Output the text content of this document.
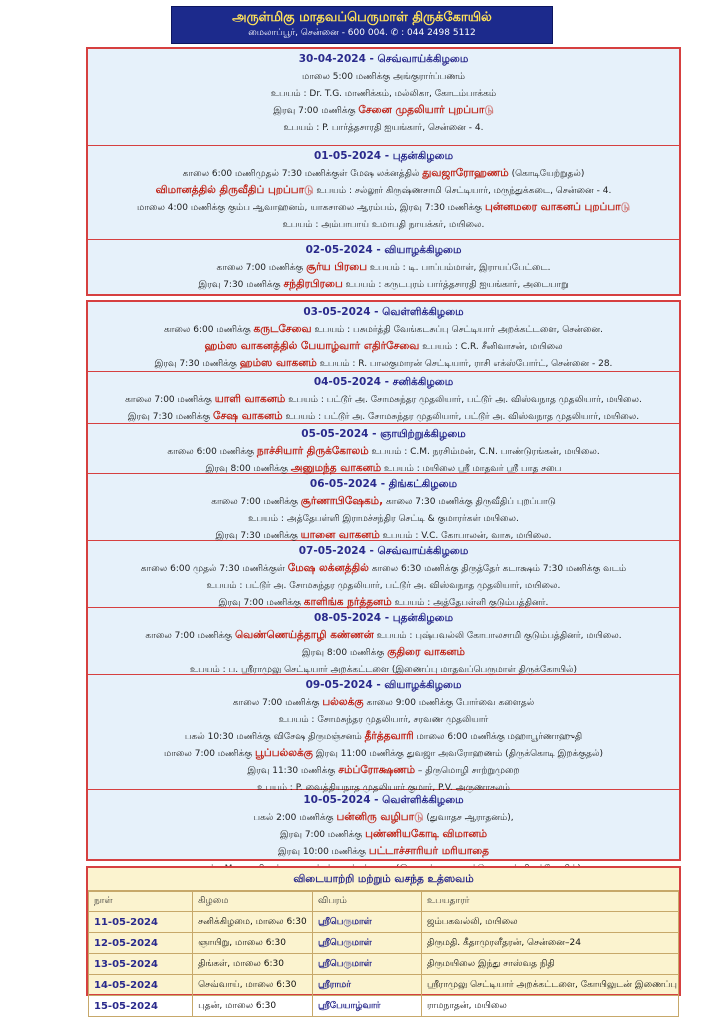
அருள்மிகு மாதவப்பெருமாள் திருக்கோயில்
மைலாப்பூர், சென்னை - 600 004. ✆ : 044 2498 5112
30-04-2024 - செவ்வாய்க்கிழமை
மாலை 5:00 மணிக்கு அங்குரார்ப்பணம்
உபயம் : Dr. T.G. மாணிக்கம், மல்லிகா, கோடம்பாக்கம்
இரவு 7:00 மணிக்கு சேனை முதலியார் புறப்பாடு
உபயம் : P. பார்த்தசாரதி ஐயங்கார், சென்னை - 4.
01-05-2024 - புதன்கிழமை
காலை 6:00 மணிமுதல் 7:30 மணிக்குள் மேஷ லக்னத்தில் துவஜாரோஹணம் (கொடியேற்றுதல்)
விமானத்தில் திருவீதிப் புறப்பாடு உபயம் : சல்லூர் கிருஷ்ணசாமி செட்டியார், மருந்துக்கடை, சென்னை - 4.
மாலை 4:00 மணிக்கு கும்ப ஆவாஹனம், யாகசாலை ஆரம்பம், இரவு 7:30 மணிக்கு புன்னமரை வாகனப் புறப்பாடு
உபயம் : அம்பாபாய் உமாபதி நாயக்கர், மயிலை.
02-05-2024 - வியாழக்கிழமை
காலை 7:00 மணிக்கு சூர்ய பிரபை உபயம் : டி. பாப்பம்மாள், இராயப்பேட்டை.
இரவு 7:30 மணிக்கு சந்திரபிரபை உபயம் : கருடபுரம் பார்த்தசாரதி ஐயங்கார், அடையாறு
03-05-2024 - வெள்ளிக்கிழமை
காலை 6:00 மணிக்கு கருடசேவை உபயம் : பசுமர்த்தி வேங்கடசுப்பு செட்டியார் அறக்கட்டளை, சென்னை.
ஹம்ஸ வாகனத்தில் பேயாழ்வார் எதிர்சேவை உபயம் : C.R. சீனிவாசன், மயிலை
இரவு 7:30 மணிக்கு ஹம்ஸ வாகனம் உபயம் : R. பாலகுமாரன் செட்டியார், ராசி எக்ஸ்போர்ட், சென்னை - 28.
04-05-2024 - சனிக்கிழமை
காலை 7:00 மணிக்கு யாளி வாகனம் உபயம் : பட்டூர் அ. சோமசுந்தர முதலியார், பட்டூர் அ. விஸ்வநாத முதலியார், மயிலை.
இரவு 7:30 மணிக்கு சேஷ வாகனம் உபயம் : பட்டூர் அ. சோமசுந்தர முதலியார், பட்டூர் அ. விஸ்வநாத முதலியார், மயிலை.
05-05-2024 - ஞாயிற்றுக்கிழமை
காலை 6:00 மணிக்கு நாச்சியார் திருக்கோலம் உபயம் : C.M. நரசிம்மன், C.N. பாண்டுரங்கன், மயிலை.
இரவு 8:00 மணிக்கு அனுமந்த வாகனம் உபயம் : மயிலை ஸ்ரீ மாதவர் ஸ்ரீ பாத சபை
06-05-2024 - திங்கட்கிழமை
காலை 7:00 மணிக்கு சூர்ணாபிஷேகம், காலை 7:30 மணிக்கு திருவீதிப் புறப்பாடு
உபயம் : அத்தேபள்ளி இராமச்சந்திர செட்டி & குமாரர்கள் மயிலை.
இரவு 7:30 மணிக்கு யானை வாகனம் உபயம் : V.C. கோபாலன், வாசு, மயிலை.
07-05-2024 - செவ்வாய்க்கிழமை
காலை 6:00 முதல் 7:30 மணிக்குள் மேஷ லக்னத்தில் காலை 6:30 மணிக்கு திருத்தேர் கடாக்ஷம் 7:30 மணிக்கு வடம்
உபயம் : பட்டூர் அ. சோமசுந்தர முதலியார், பட்டூர் அ. விஸ்வநாத முதலியார், மயிலை.
இரவு 7:00 மணிக்கு காளிங்க நர்த்தனம் உபயம் : அத்தேபள்ளி குடும்பத்தினர்.
08-05-2024 - புதன்கிழமை
காலை 7:00 மணிக்கு வெண்ணெய்த்தாழி கண்ணன் உபயம் : புஷ்பவல்லி கோபாலசாமி குடும்பத்தினர், மயிலை.
இரவு 8:00 மணிக்கு குதிரை வாகனம்
உபயம் : ப. ஸ்ரீராமுலு செட்டியார் அறக்கட்டளை (இணைப்பு மாதவப்பெருமாள் திருக்கோயில்)
09-05-2024 - வியாழக்கிழமை
காலை 7:00 மணிக்கு பல்லக்கு காலை 9:00 மணிக்கு போர்வை களைதல்
உபயம் : சோமசுந்தர முதலியார், சரவண முதலியார்
பகல் 10:30 மணிக்கு விசேஷ திருமஞ்சனம் தீர்த்தவாரி மாலை 6:00 மணிக்கு மஹாபூர்ணாஹுதி
மாலை 7:00 மணிக்கு பூப்பல்லக்கு இரவு 11:00 மணிக்கு துவஜா அவரோஹணம் (திருக்கொடி இறக்குதல்)
இரவு 11:30 மணிக்கு சம்ப்ரோக்ஷணம் – திருமொழி சாற்றுமுறை
உபயம் : P. வைத்தியநாத முதலியார் குமார், P.V. அருணாசலம்
10-05-2024 - வெள்ளிக்கிழமை
பகல் 2:00 மணிக்கு பன்னிரு வழிபாடு (துவாதச ஆராதனம்),
இரவு 7:00 மணிக்கு புண்ணியகோடி விமானம்
இரவு 10:00 மணிக்கு பட்டாச்சாரியர் மரியாதை
விடையாற்றி மற்றும் வசந்த உத்ஸவம்
நாள்	கிழமை	விபரம்	உபயதாரர்
11-05-2024	சனிக்கிழமை, மாலை 6:30	ஸ்ரீபெருமாள்	ஜம்பகவல்லி, மயிலை
12-05-2024	ஞாயிறு, மாலை 6:30	ஸ்ரீபெருமாள்	திருமதி. கீதாமுரளீதரன், சென்னை–24
13-05-2024	திங்கள், மாலை 6:30	ஸ்ரீபெருமாள்	திருமயிலை இந்து சாஸ்வத நிதி
14-05-2024	செவ்வாய், மாலை 6:30	ஸ்ரீராமர்	ஸ்ரீராமுலு செட்டியார் அறக்கட்டளை, கோயிலுடன் இணைப்பு
15-05-2024	புதன், மாலை 6:30	ஸ்ரீபேயாழ்வார்	ராமநாதன், மயிலை
